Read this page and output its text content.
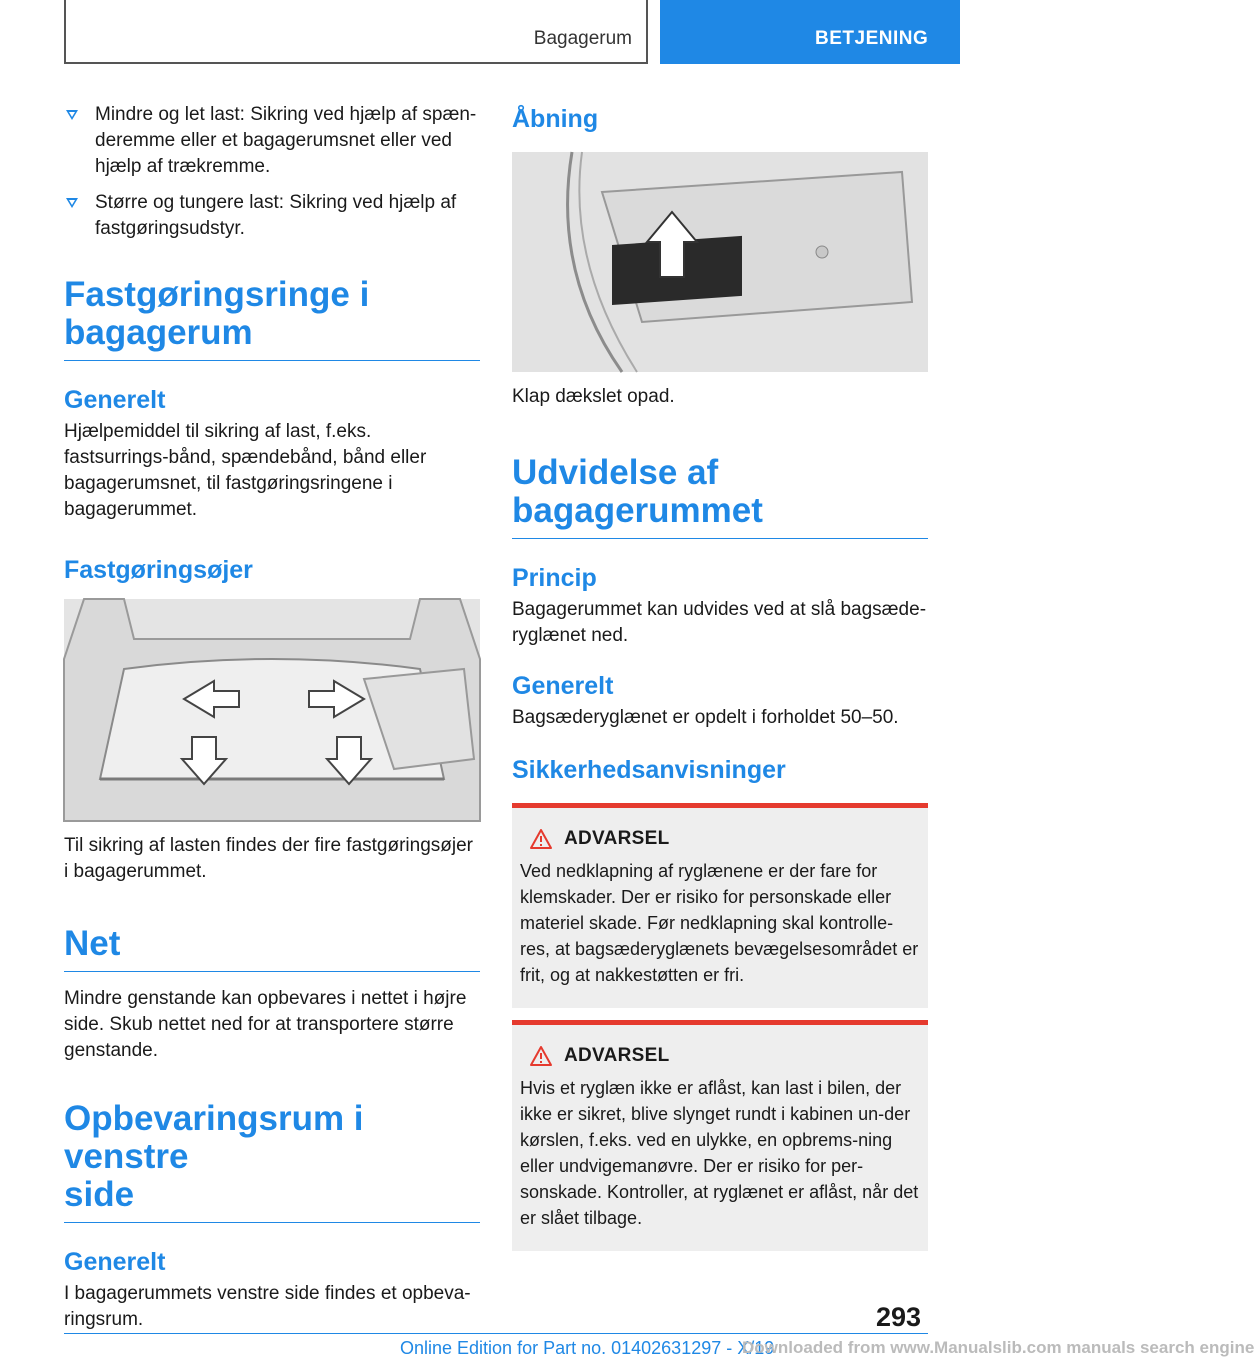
Bagagerum	BETJENING
Mindre og let last: Sikring ved hjælp af spæn-deremme eller et bagagerumsnet eller ved hjælp af trækremme.
Større og tungere last: Sikring ved hjælp af fastgøringsudstyr.
Fastgøringsringe i
bagagerum
Generelt

Hjælpemiddel til sikring af last, f.eks. fastsurrings-bånd, spændebånd, bånd eller bagagerumsnet, til fastgøringsringene i bagagerummet.

Fastgøringsøjer

Til sikring af lasten findes der fire fastgøringsøjer i bagagerummet.

Net

Mindre genstande kan opbevares i nettet i højre side. Skub nettet ned for at transportere større genstande.

Opbevaringsrum i venstre
side
Generelt

I bagagerummets venstre side findes et opbeva-ringsrum.

Åbning

Klap dækslet opad.

Udvidelse af
bagagerummet
Princip

Bagagerummet kan udvides ved at slå bagsæde-ryglænet ned.

Generelt

Bagsæderyglænet er opdelt i forholdet 50–50.

Sikkerhedsanvisninger
ADVARSEL

Ved nedklapning af ryglænene er der fare for klemskader. Der er risiko for personskade eller materiel skade. Før nedklapning skal kontrolle-res, at bagsæderyglænets bevægelsesområdet er frit, og at nakkestøtten er fri.

ADVARSEL

Hvis et ryglæn ikke er aflåst, kan last i bilen, der ikke er sikret, blive slynget rundt i kabinen un-der kørslen, f.eks. ved en ulykke, en opbrems-ning eller undvigemanøvre. Der er risiko for per-sonskade. Kontroller, at ryglænet er aflåst, når det er slået tilbage.

293
Online Edition for Part no. 01402631297 - X/19
Downloaded from www.Manualslib.com manuals search engine
